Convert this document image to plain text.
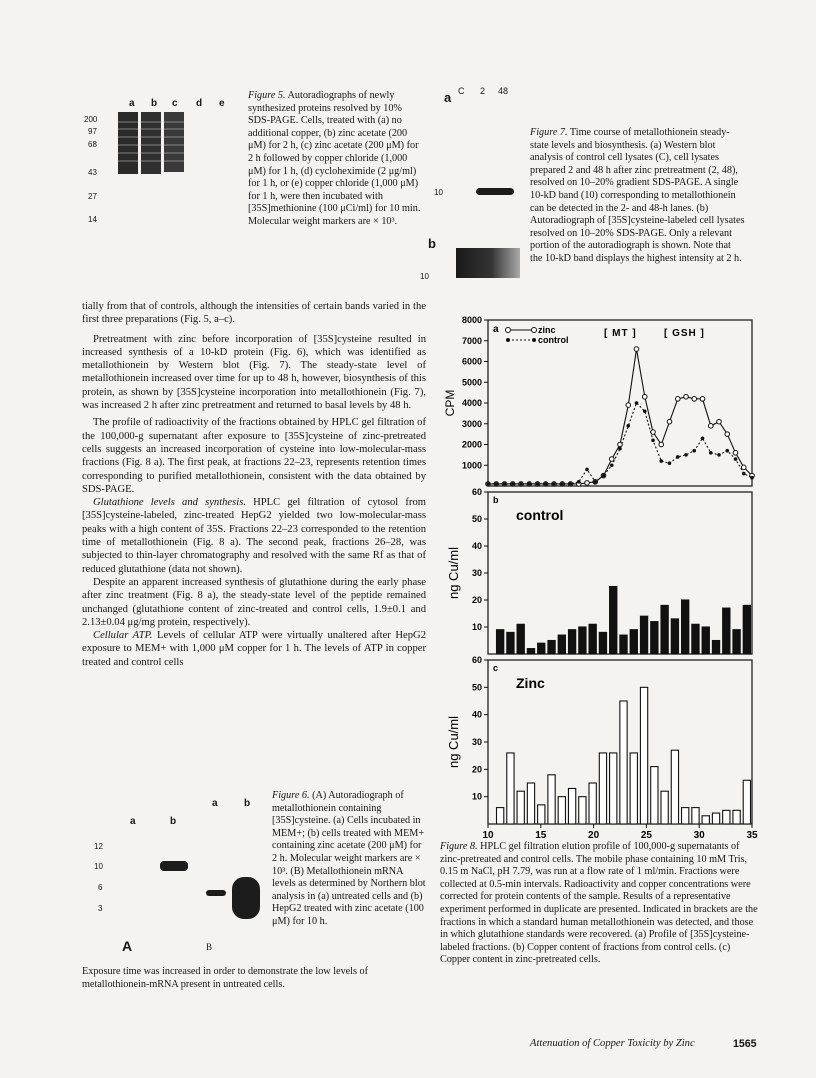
a b c d e
200
97
68
43
27
14
Figure 5. Autoradiographs of newly synthesized proteins resolved by 10% SDS-PAGE. Cells, treated with (a) no additional copper, (b) zinc acetate (200 μM) for 2 h, (c) zinc acetate (200 μM) for 2 h followed by copper chloride (1,000 μM) for 1 h, (d) cycloheximide (2 μg/ml) for 1 h, or (e) copper chloride (1,000 μM) for 1 h, were then incubated with [35S]methionine (100 μCi/ml) for 10 min. Molecular weight markers are × 10³.
a C 2 48
10
b
10
Figure 7. Time course of metallothionein steady-state levels and biosynthesis. (a) Western blot analysis of control cell lysates (C), cell lysates prepared 2 and 48 h after zinc pretreatment (2, 48), resolved on 10–20% gradient SDS-PAGE. A single 10-kD band (10) corresponding to metallothionein can be detected in the 2- and 48-h lanes. (b) Autoradiograph of [35S]cysteine-labeled cell lysates resolved on 10–20% SDS-PAGE. Only a relevant portion of the autoradiograph is shown. Note that the 10-kD band displays the highest intensity at 2 h.

tially from that of controls, although the intensities of certain bands varied in the first three preparations (Fig. 5, a–c).

Pretreatment with zinc before incorporation of [35S]cysteine resulted in increased synthesis of a 10-kD protein (Fig. 6), which was identified as metallothionein by Western blot (Fig. 7). The steady-state level of metallothionein increased over time for up to 48 h, however, biosynthesis of this protein, as shown by [35S]cysteine incorporation into metallothionein (Fig. 7), was increased 2 h after zinc pretreatment and returned to basal levels by 48 h.

The profile of radioactivity of the fractions obtained by HPLC gel filtration of the 100,000-g supernatant after exposure to [35S]cysteine of zinc-pretreated cells suggests an increased incorporation of cysteine into low-molecular-mass fractions (Fig. 8 a). The first peak, at fractions 22–23, represents retention times corresponding to purified metallothionein, consistent with the data obtained by SDS-PAGE.

Glutathione levels and synthesis. HPLC gel filtration of cytosol from [35S]cysteine-labeled, zinc-treated HepG2 yielded two low-molecular-mass peaks with a high content of 35S. Fractions 22–23 corresponded to the retention time of metallothionein (Fig. 8 a). The second peak, fractions 26–28, was subjected to thin-layer chromatography and resolved with the same Rf as that of reduced glutathione (data not shown).

Despite an apparent increased synthesis of glutathione during the early phase after zinc treatment (Fig. 8 a), the steady-state level of the peptide remained unchanged (glutathione content of zinc-treated and control cells, 1.9±0.1 and 2.13±0.04 μg/mg protein, respectively).

Cellular ATP. Levels of cellular ATP were virtually unaltered after HepG2 exposure to MEM+ with 1,000 μM copper for 1 h. The levels of ATP in copper treated and control cells

a	b
a	b
12
10
6
3
A	B
Figure 6. (A) Autoradiograph of metallothionein containing [35S]cysteine. (a) Cells incubated in MEM+; (b) cells treated with MEM+ containing zinc acetate (200 μM) for 2 h. Molecular weight markers are × 10³. (B) Metallothionein mRNA levels as determined by Northern blot analysis in (a) untreated cells and (b) HepG2 treated with zinc acetate (100 μM) for 10 h.
Exposure time was increased in order to demonstrate the low levels of metallothionein-mRNA present in untreated cells.
1000
2000
3000
4000
5000
6000
7000
8000
CPM
a	zinc
control
[ MT ]	[ GSH ]
10
20
30
40
50
60
ng Cu/ml
b
control
10
20
30
40
50
60
ng Cu/ml
c
Zinc
10	15	20	25	30	35
Figure 8. HPLC gel filtration elution profile of 100,000-g supernatants of zinc-pretreated and control cells. The mobile phase containing 10 mM Tris, 0.15 m NaCl, pH 7.79, was run at a flow rate of 1 ml/min. Fractions were collected at 0.5-min intervals. Radioactivity and copper concentrations were corrected for protein contents of the sample. Results of a representative experiment performed in duplicate are presented. Indicated in brackets are the fractions in which a standard human metallothionein was detected, and those in which glutathione standards were recovered. (a) Profile of [35S]cysteine-labeled fractions. (b) Copper content of fractions from control cells. (c) Copper content in zinc-pretreated cells.
Attenuation of Copper Toxicity by Zinc	1565
